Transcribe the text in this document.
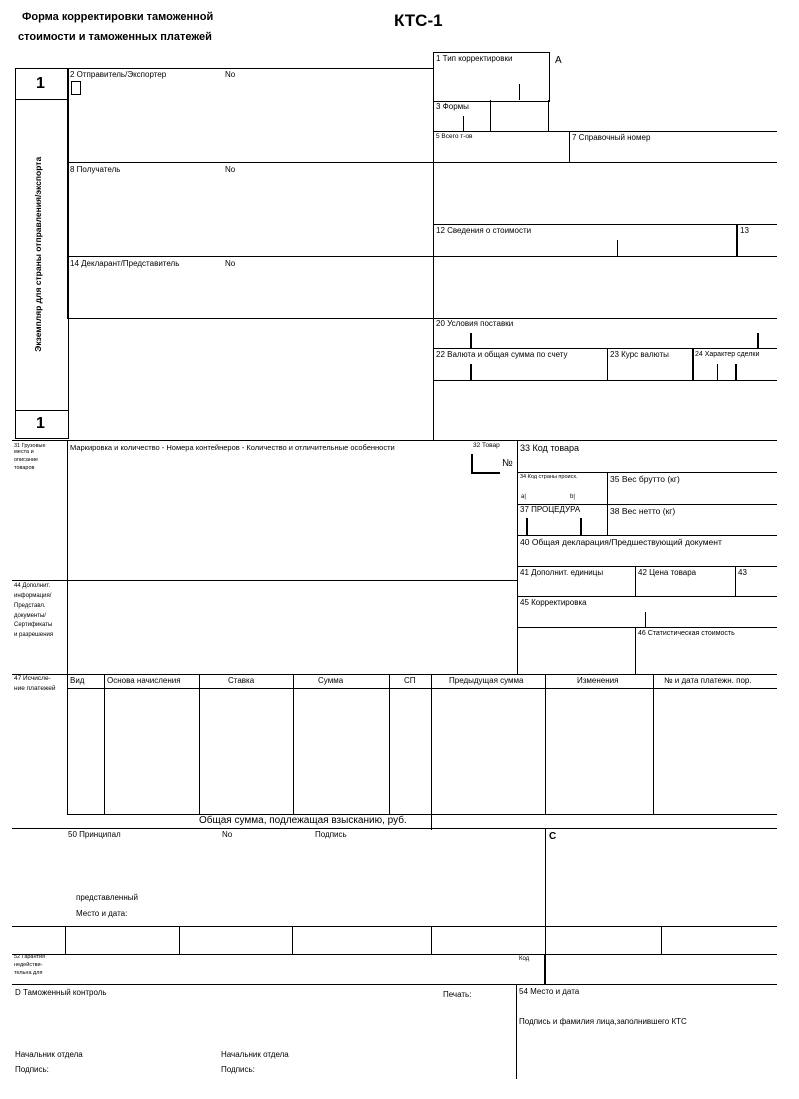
Форма корректировки таможенной
стоимости и таможенных платежей
КТС-1
1
1
Экземпляр для страны отправления/экспорта
2 Отправитель/Экспортер	No
8 Получатель	No
14 Декларант/Представитель	No
1 Тип корректировки	А
3 Формы
5 Всего т-ов	7 Справочный номер
12 Сведения о стоимости	13
20 Условия поставки
22 Валюта и общая сумма по счету	23 Курс валюты	24 Характер сделки
31 Грузовые
места и
описание
товаров
Маркировка и количество - Номера контейнеров - Количество и отличительные особенности	32 Товар
№
33 Код товара
34 Код страны происх.
a|	b|
35 Вес брутто (кг)
37 ПРОЦЕДУРА	38 Вес нетто (кг)
40 Общая декларация/Предшествующий документ
41 Дополнит. единицы	42 Цена товара	43
44 Дополнит.
информация/
Представл.
документы/
Сертификаты
и разрешения
45 Корректировка
46 Статистическая стоимость
47 Исчисле-
ние платежей
Вид	Основа начисления	Ставка	Сумма	СП	Предыдущая сумма	Изменения	№ и дата платежн. пор.
Общая сумма, подлежащая взысканию, руб.
50 Принципал	No	Подпись
представленный
Место и дата:
C
52 Гарантия
недействи-
тельна для
Код
D Таможенный контроль	Печать:	54 Место и дата
Подпись и фамилия лица,заполнившего КТС
Начальник отдела
Подпись:
Начальник отдела
Подпись:
